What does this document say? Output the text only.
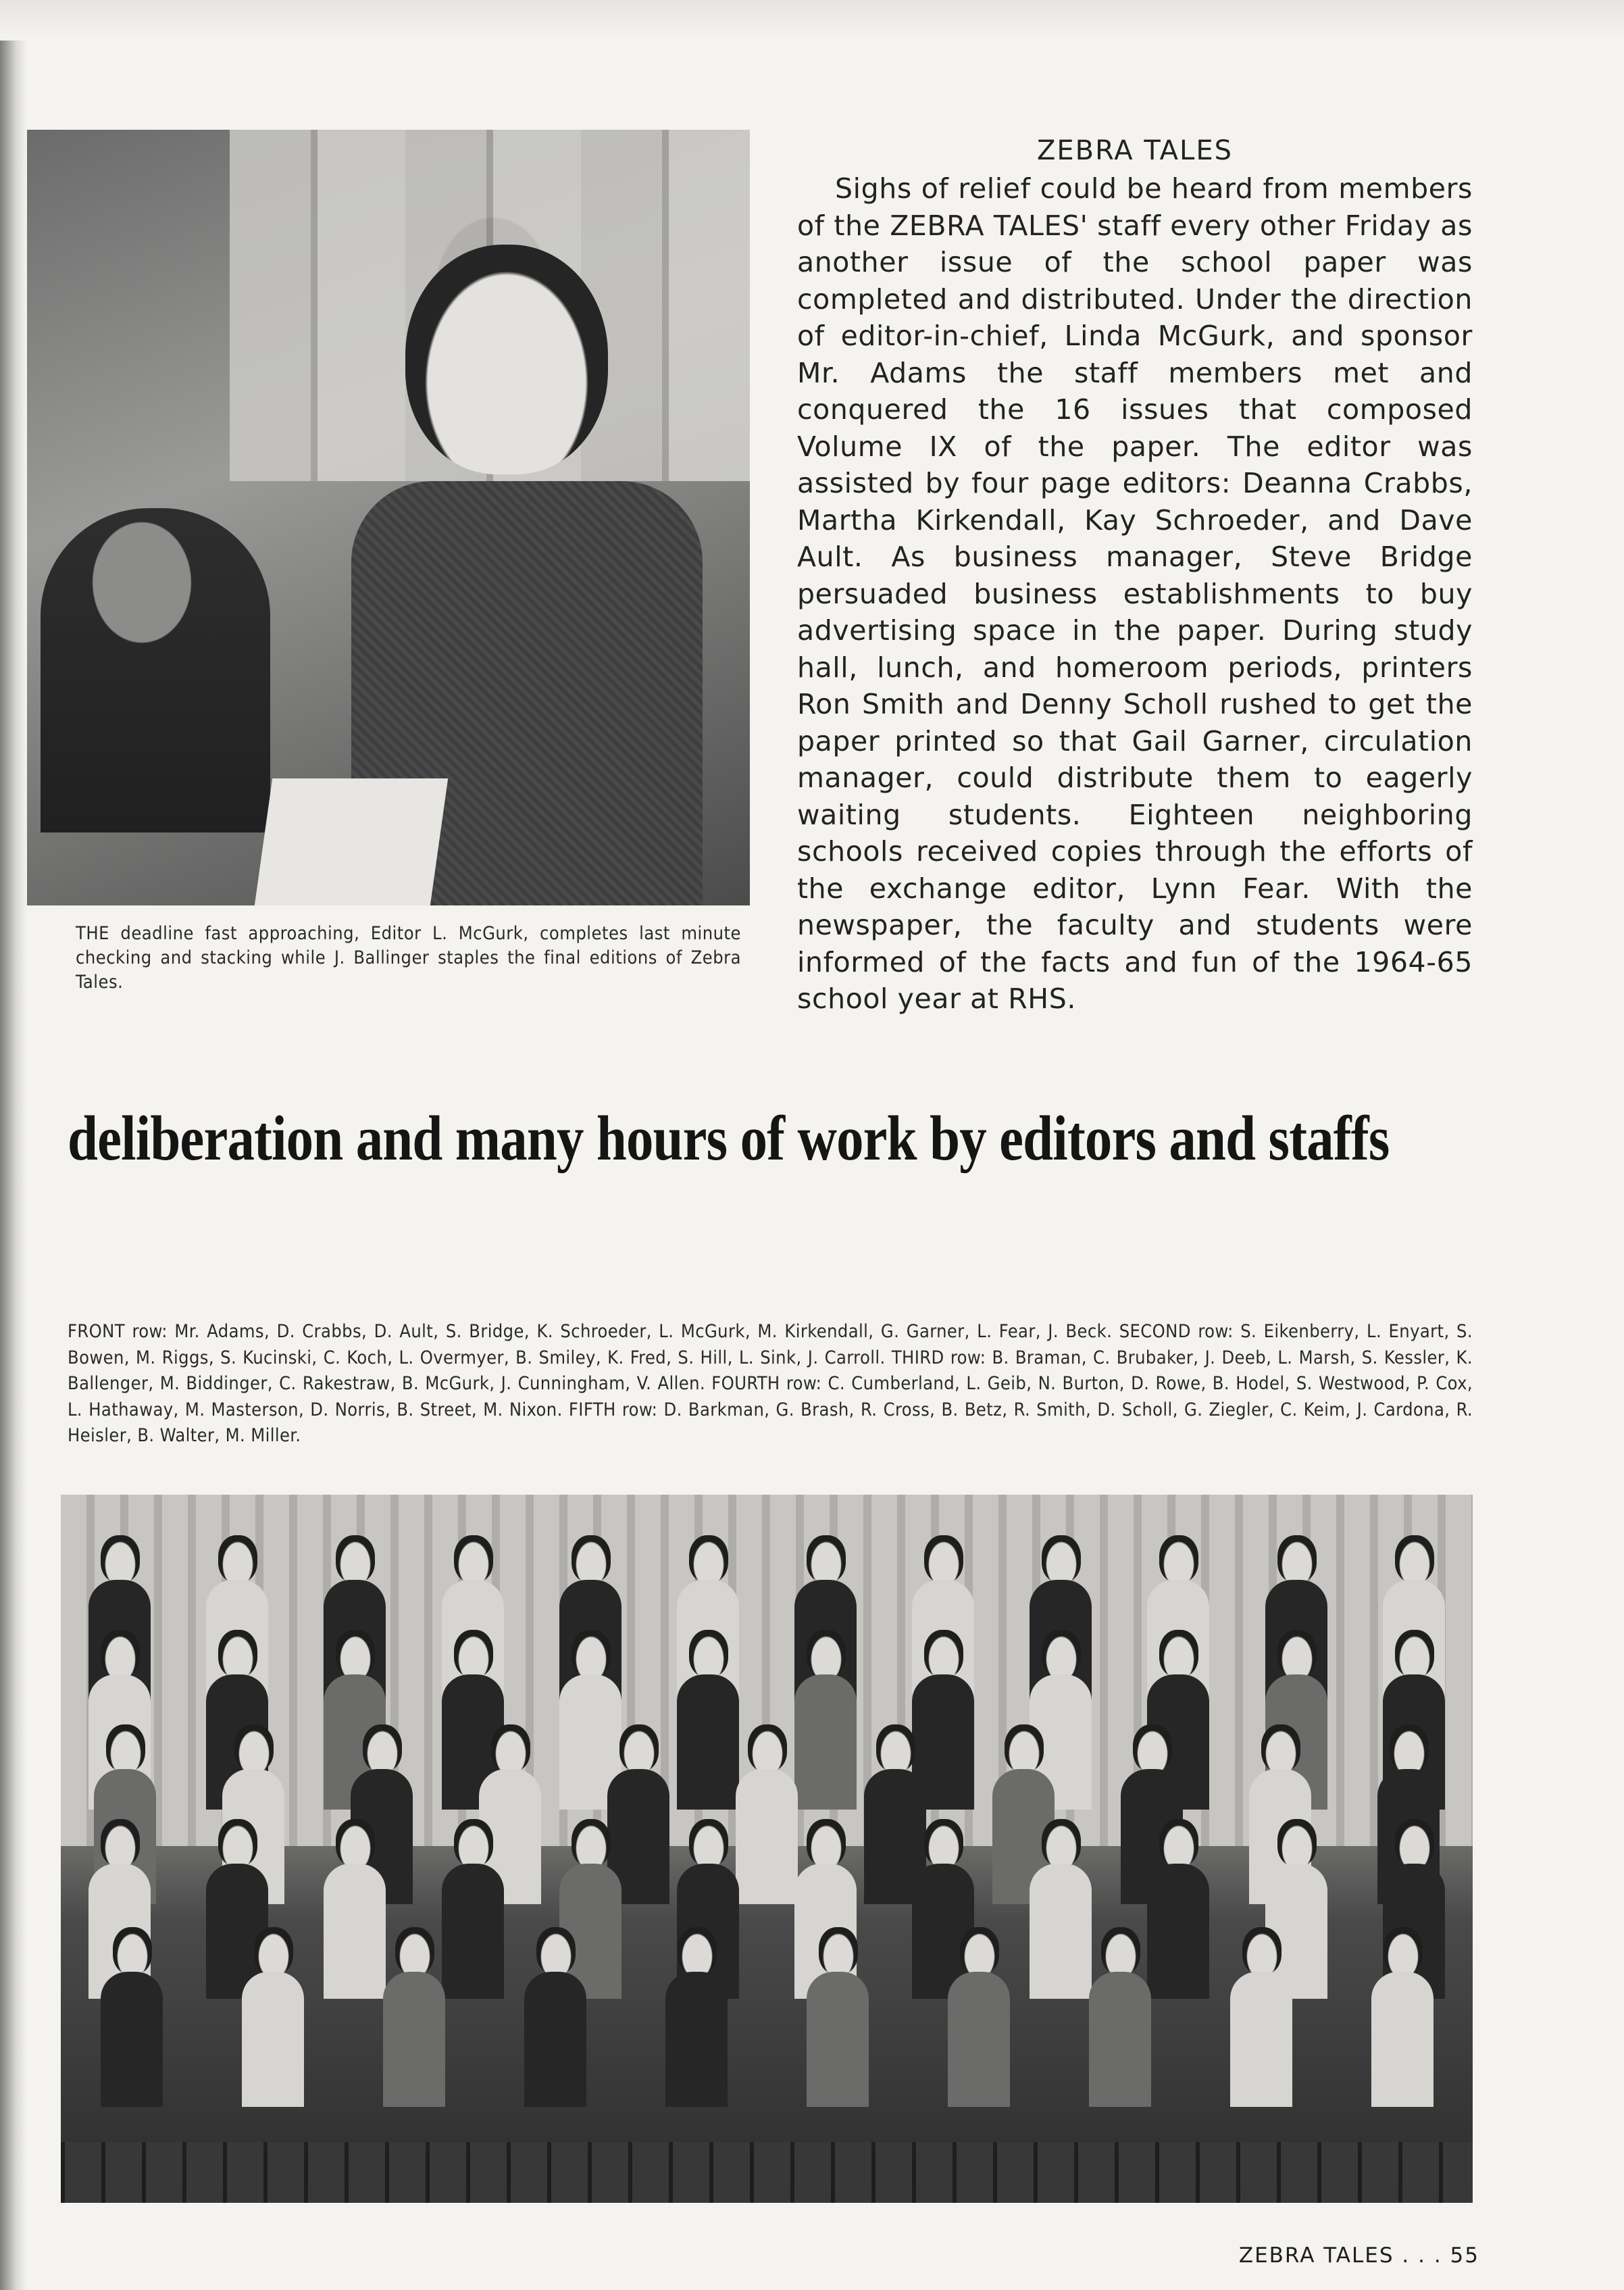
THE deadline fast approaching, Editor L. McGurk, completes last minute checking and stacking while J. Ballinger staples the final editions of Zebra Tales.
ZEBRA TALES
Sighs of relief could be heard from members of the ZEBRA TALES' staff every other Friday as another issue of the school paper was completed and distributed. Under the direction of editor-in-chief, Linda McGurk, and sponsor Mr. Adams the staff members met and conquered the 16 issues that composed Volume IX of the paper. The editor was assisted by four page editors: Deanna Crabbs, Martha Kirkendall, Kay Schroeder, and Dave Ault. As business manager, Steve Bridge persuaded business establishments to buy advertising space in the paper. During study hall, lunch, and homeroom periods, printers Ron Smith and Denny Scholl rushed to get the paper printed so that Gail Garner, circulation manager, could distribute them to eagerly waiting students. Eighteen neighboring schools received copies through the efforts of the exchange editor, Lynn Fear. With the newspaper, the faculty and students were informed of the facts and fun of the 1964-65 school year at RHS.
deliberation and many hours of work by editors and staffs
FRONT row: Mr. Adams, D. Crabbs, D. Ault, S. Bridge, K. Schroeder, L. McGurk, M. Kirkendall, G. Garner, L. Fear, J. Beck. SECOND row: S. Eikenberry, L. Enyart, S. Bowen, M. Riggs, S. Kucinski, C. Koch, L. Overmyer, B. Smiley, K. Fred, S. Hill, L. Sink, J. Carroll. THIRD row: B. Braman, C. Brubaker, J. Deeb, L. Marsh, S. Kessler, K. Ballenger, M. Biddinger, C. Rakestraw, B. McGurk, J. Cunningham, V. Allen. FOURTH row: C. Cumberland, L. Geib, N. Burton, D. Rowe, B. Hodel, S. Westwood, P. Cox, L. Hathaway, M. Masterson, D. Norris, B. Street, M. Nixon. FIFTH row: D. Barkman, G. Brash, R. Cross, B. Betz, R. Smith, D. Scholl, G. Ziegler, C. Keim, J. Cardona, R. Heisler, B. Walter, M. Miller.
ZEBRA TALES . . . 55
